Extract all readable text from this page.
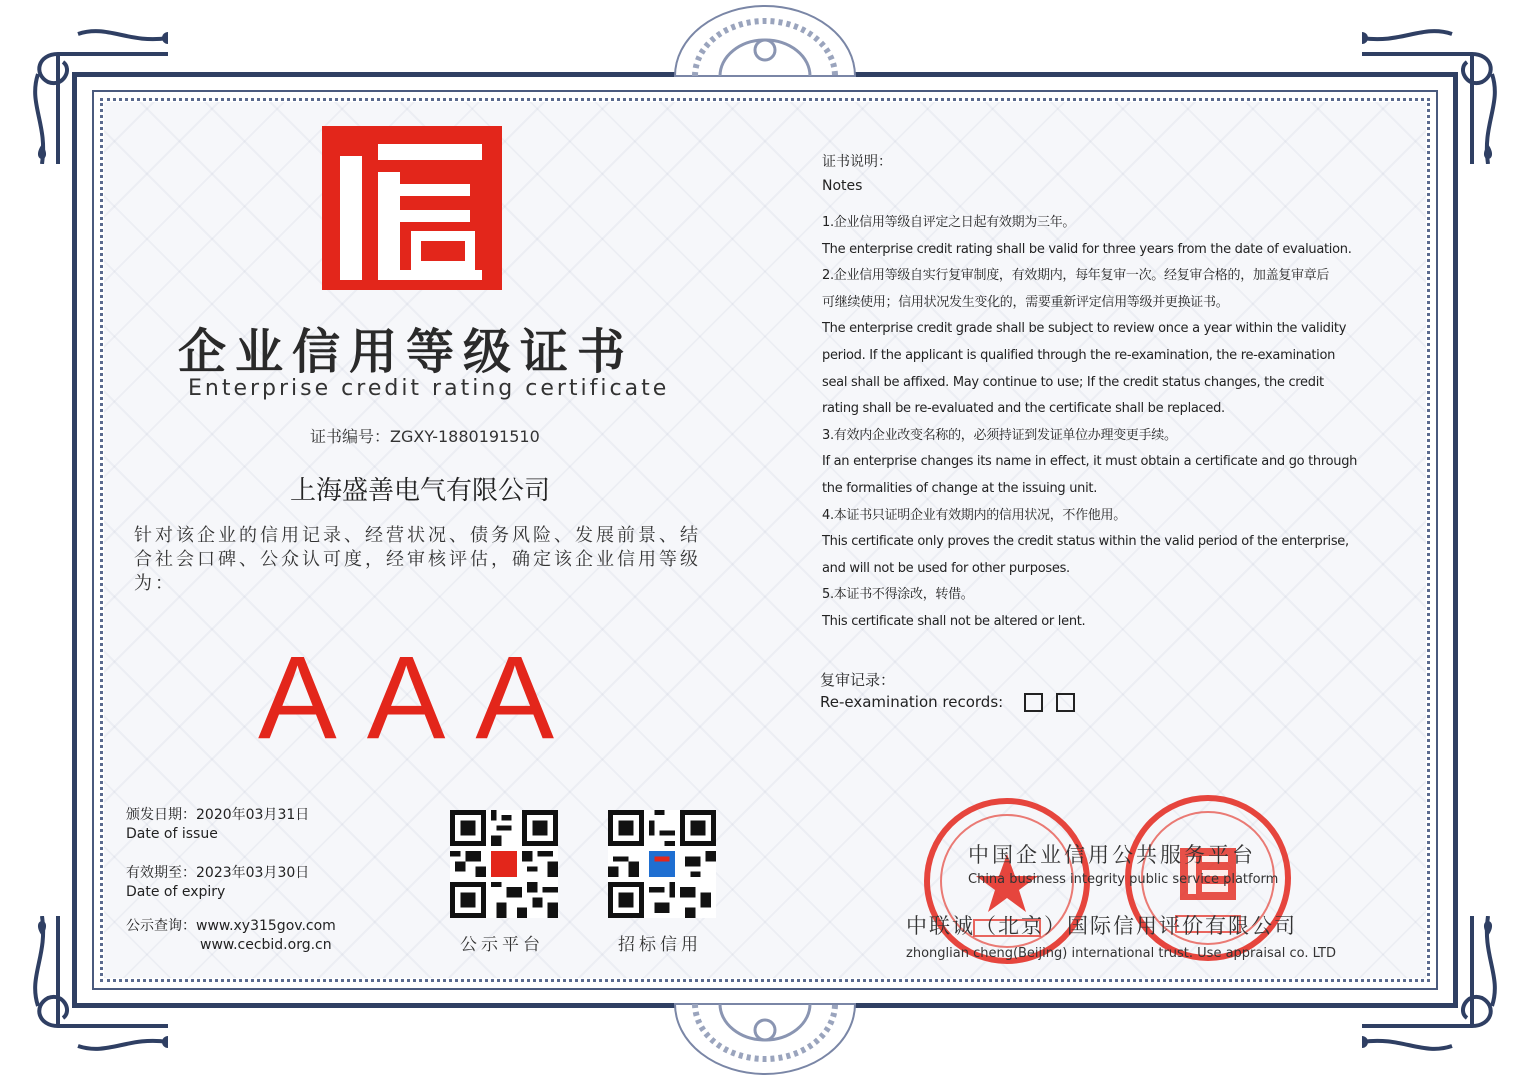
企业信用等级证书
Enterprise credit rating certificate
证书编号：ZGXY-1880191510
上海盛善电气有限公司
针对该企业的信用记录、经营状况、债务风险、发展前景、结合社会口碑、公众认可度，经审核评估，确定该企业信用等级为：
AAA
颁发日期：2020年03月31日
Date of issue
有效期至：2023年03月30日
Date of expiry
公示查询：www.xy315gov.com
www.cecbid.org.cn	公示平台	招标信用
证书说明：
Notes
1.企业信用等级自评定之日起有效期为三年。
The enterprise credit rating shall be valid for three years from the date of evaluation.
2.企业信用等级自实行复审制度，有效期内，每年复审一次。经复审合格的，加盖复审章后
可继续使用；信用状况发生变化的，需要重新评定信用等级并更换证书。
The enterprise credit grade shall be subject to review once a year within the validity
period. If the applicant is qualified through the re-examination, the re-examination
seal shall be affixed. May continue to use; If the credit status changes, the credit
rating shall be re-evaluated and the certificate shall be replaced.
3.有效内企业改变名称的，必须持证到发证单位办理变更手续。
If an enterprise changes its name in effect, it must obtain a certificate and go through
the formalities of change at the issuing unit.
4.本证书只证明企业有效期内的信用状况，不作他用。
This certificate only proves the credit status within the valid period of the enterprise,
and will not be used for other purposes.
5.本证书不得涂改，转借。
This certificate shall not be altered or lent.
复审记录：
Re-examination records:
中国企业信用公共服务平台
China business integrity public service platform
中联诚（北京）国际信用评价有限公司
zhonglian cheng(Beijing) international trust. Use appraisal co. LTD
